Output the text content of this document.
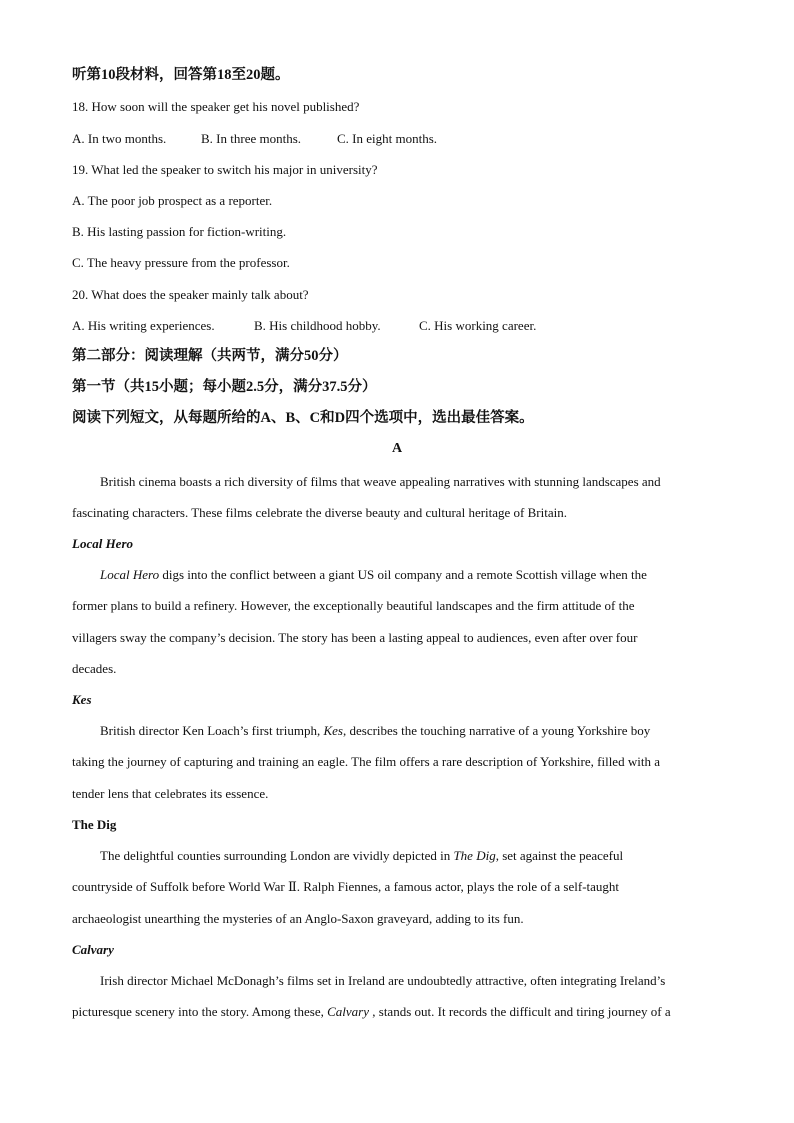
听第10段材料，回答第18至20题。
18. How soon will the speaker get his novel published?
A. In two months.	B. In three months.	C. In eight months.
19. What led the speaker to switch his major in university?
A. The poor job prospect as a reporter.
B. His lasting passion for fiction-writing.
C. The heavy pressure from the professor.
20. What does the speaker mainly talk about?
A. His writing experiences.	B. His childhood hobby.	C. His working career.
第二部分：阅读理解（共两节，满分50分）
第一节（共15小题；每小题2.5分，满分37.5分）
阅读下列短文，从每题所给的A、B、C和D四个选项中，选出最佳答案。
A
British cinema boasts a rich diversity of films that weave appealing narratives with stunning landscapes and
fascinating characters. These films celebrate the diverse beauty and cultural heritage of Britain.
Local Hero
Local Hero digs into the conflict between a giant US oil company and a remote Scottish village when the
former plans to build a refinery. However, the exceptionally beautiful landscapes and the firm attitude of the
villagers sway the company’s decision. The story has been a lasting appeal to audiences, even after over four
decades.
Kes
British director Ken Loach’s first triumph, Kes, describes the touching narrative of a young Yorkshire boy
taking the journey of capturing and training an eagle. The film offers a rare description of Yorkshire, filled with a
tender lens that celebrates its essence.
The Dig
The delightful counties surrounding London are vividly depicted in The Dig, set against the peaceful
countryside of Suffolk before World War Ⅱ. Ralph Fiennes, a famous actor, plays the role of a self-taught
archaeologist unearthing the mysteries of an Anglo-Saxon graveyard, adding to its fun.
Calvary
Irish director Michael McDonagh’s films set in Ireland are undoubtedly attractive, often integrating Ireland’s
picturesque scenery into the story. Among these, Calvary , stands out. It records the difficult and tiring journey of a
